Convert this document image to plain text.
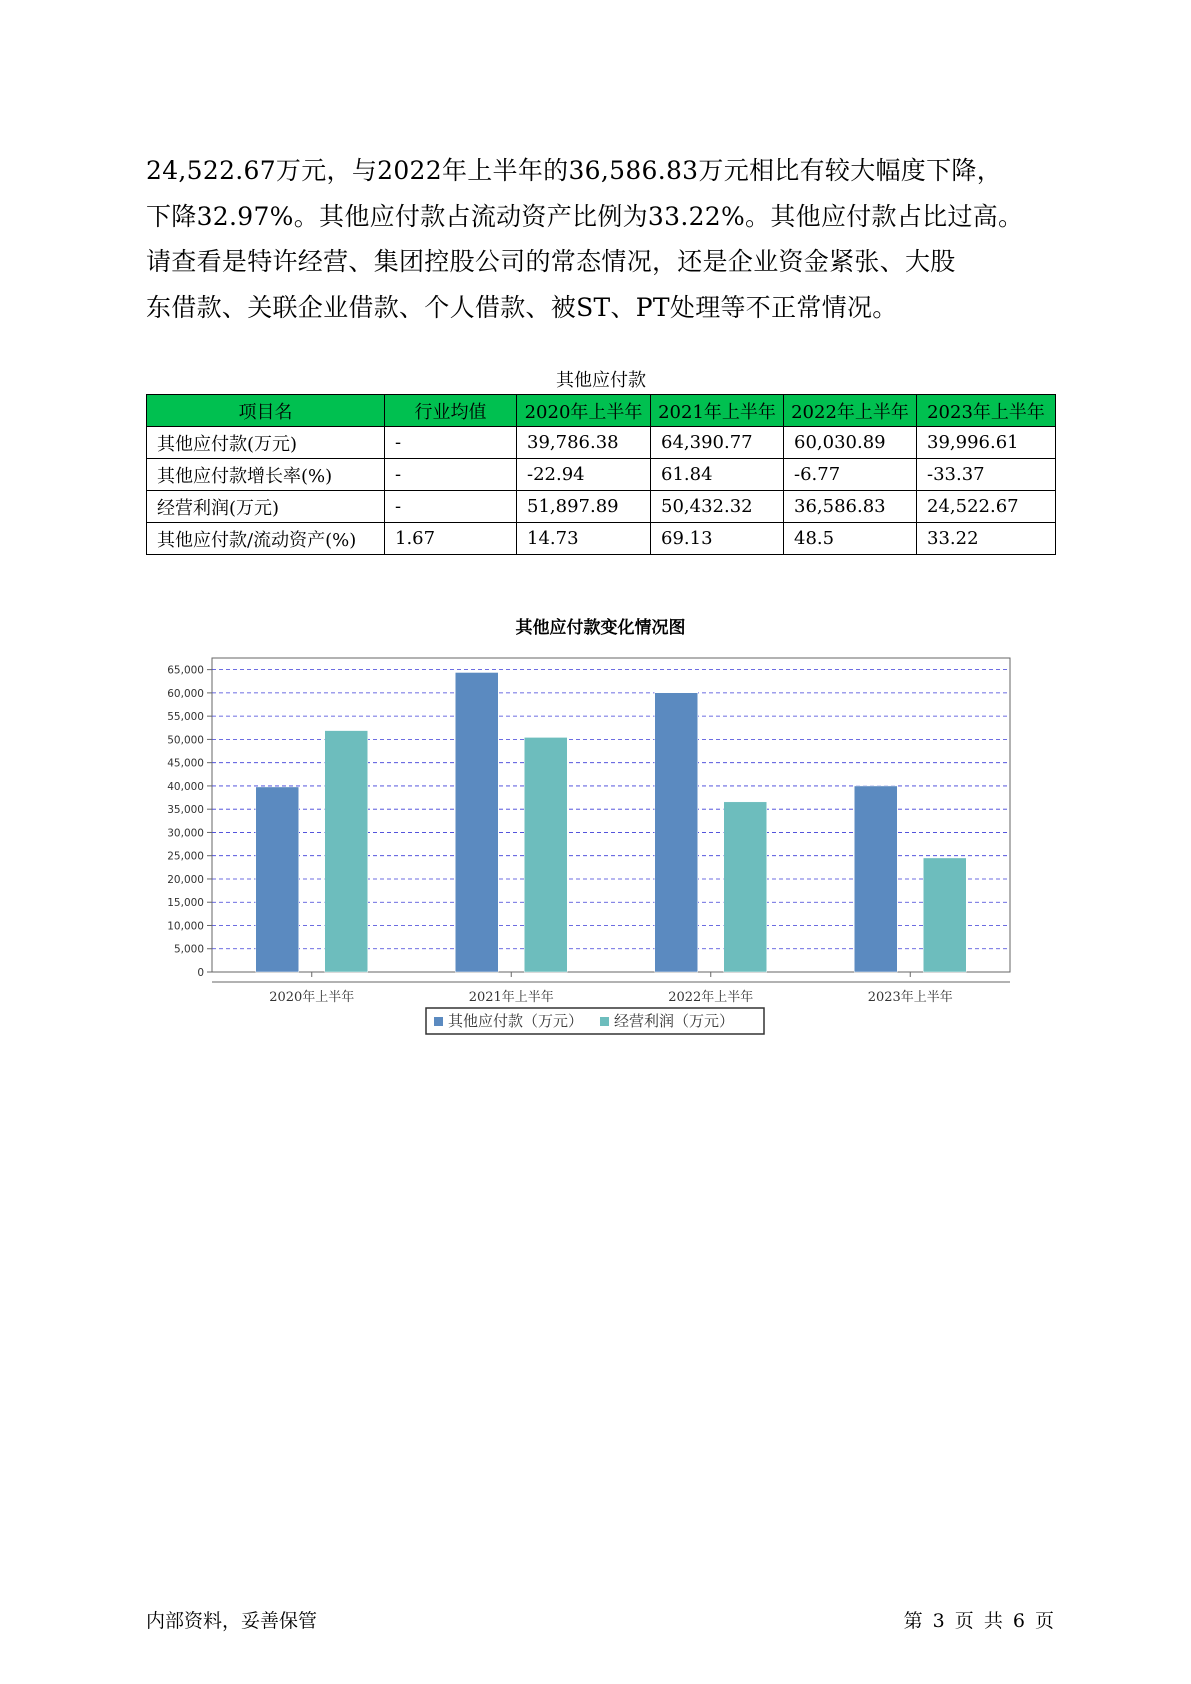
24,522.67万元，与2022年上半年的36,586.83万元相比有较大幅度下降，

下降32.97%。其他应付款占流动资产比例为33.22%。其他应付款占比过高。

请查看是特许经营、集团控股公司的常态情况，还是企业资金紧张、大股

东借款、关联企业借款、个人借款、被ST、PT处理等不正常情况。

其他应付款
项目名	行业均值	2020年上半年	2021年上半年	2022年上半年	2023年上半年
其他应付款(万元)	-	39,786.38	64,390.77	60,030.89	39,996.61
其他应付款增长率(%)	-	-22.94	61.84	-6.77	-33.37
经营利润(万元)	-	51,897.89	50,432.32	36,586.83	24,522.67
其他应付款/流动资产(%)	1.67	14.73	69.13	48.5	33.22
其他应付款变化情况图
0
5,000
10,000
15,000
20,000
25,000
30,000
35,000
40,000
45,000
50,000
55,000
60,000
65,000
2020年上半年	2021年上半年	2022年上半年	2023年上半年
其他应付款（万元） 经营利润（万元）
内部资料，妥善保管	第 3 页 共 6 页
